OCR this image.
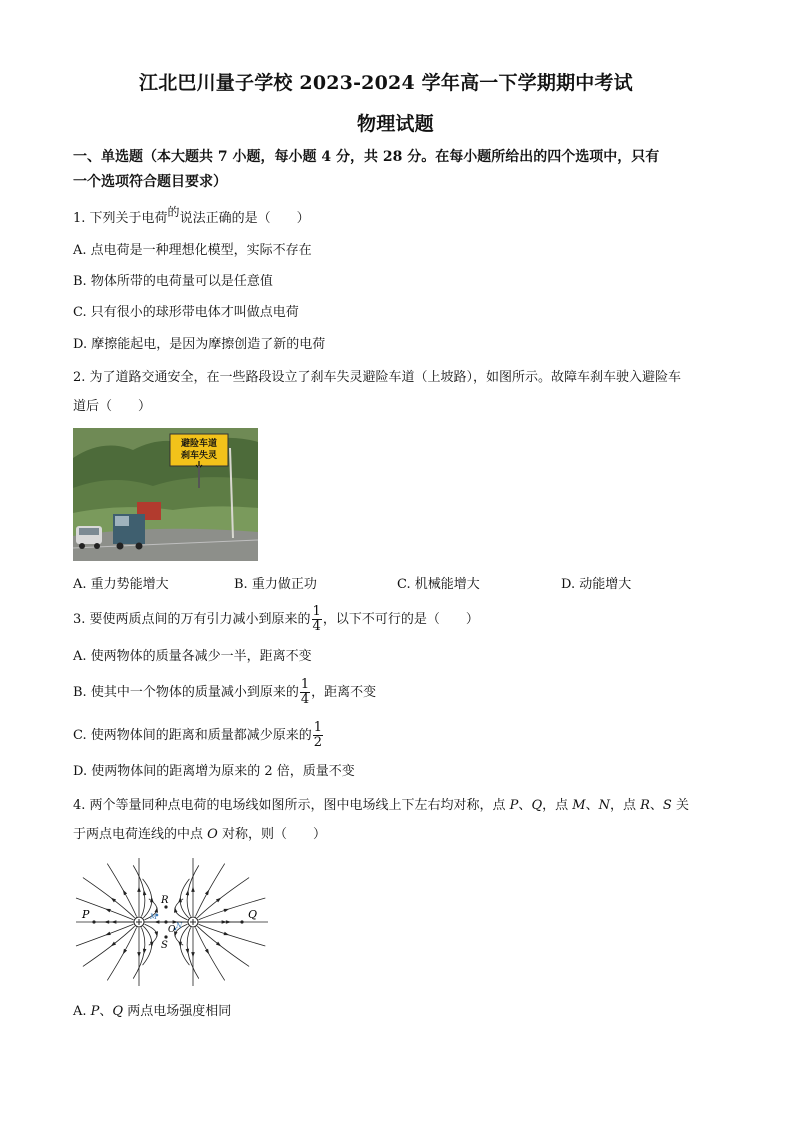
江北巴川量子学校 2023-2024 学年高一下学期期中考试
物理试题
一、单选题（本大题共 7 小题，每小题 4 分，共 28 分。在每小题所给出的四个选项中，只有
一个选项符合题目要求）
1. 下列关于电荷的说法正确的是（　　）
A. 点电荷是一种理想化模型，实际不存在
B. 物体所带的电荷量可以是任意值
C. 只有很小的球形带电体才叫做点电荷
D. 摩擦能起电，是因为摩擦创造了新的电荷
2. 为了道路交通安全，在一些路段设立了刹车失灵避险车道（上坡路），如图所示。故障车刹车驶入避险车
道后（　　）
避险车道
刹车失灵
A. 重力势能增大	B. 重力做正功	C. 机械能增大	D. 动能增大
3. 要使两质点间的万有引力减小到原来的 $\frac{1}{4}$ ，以下不可行的是（　　）
A. 使两物体的质量各减少一半，距离不变
B. 使其中一个物体的质量减小到原来的 $\frac{1}{4}$ ，距离不变
C. 使两物体间的距离和质量都减少原来的 $\frac{1}{2}$
D. 使两物体间的距离增为原来的 2 倍，质量不变
4. 两个等量同种点电荷的电场线如图所示，图中电场线上下左右均对称，点 P、Q，点 M、N，点 R、S 关
于两点电荷连线的中点 O 对称，则（　　）
P	Q
R
S
O
M
N
A. P、Q 两点电场强度相同
